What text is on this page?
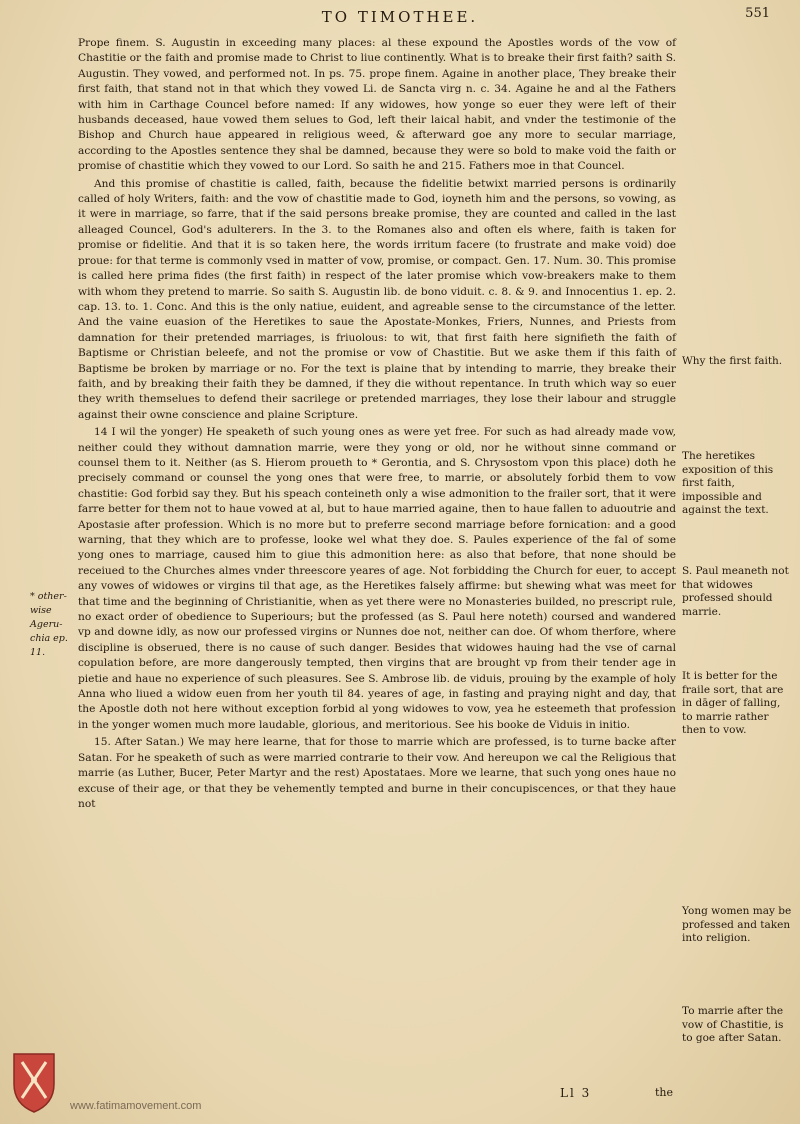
TO TIMOTHEE.	551

Prope finem. S. Augustin in exceeding many places: al these expound the Apostles words of the vow of Chastitie or the faith and promise made to Christ to liue continently. What is to breake their first faith? saith S. Augustin. They vowed, and performed not. In ps. 75. prope finem. Againe in another place, They breake their first faith, that stand not in that which they vowed Li. de Sancta virg n. c. 34. Againe he and al the Fathers with him in Carthage Councel before named: If any widowes, how yonge so euer they were left of their husbands deceased, haue vowed them selues to God, left their laical habit, and vnder the testimonie of the Bishop and Church haue appeared in religious weed, & afterward goe any more to secular marriage, according to the Apostles sentence they shal be damned, because they were so bold to make void the faith or promise of chastitie which they vowed to our Lord. So saith he and 215. Fathers moe in that Councel.

And this promise of chastitie is called, faith, because the fidelitie betwixt married persons is ordinarily called of holy Writers, faith: and the vow of chastitie made to God, ioyneth him and the persons, so vowing, as it were in marriage, so farre, that if the said persons breake promise, they are counted and called in the last alleaged Councel, God's adulterers. In the 3. to the Romanes also and often els where, faith is taken for promise or fidelitie. And that it is so taken here, the words irritum facere (to frustrate and make void) doe proue: for that terme is commonly vsed in matter of vow, promise, or compact. Gen. 17. Num. 30. This promise is called here prima fides (the first faith) in respect of the later promise which vow-breakers make to them with whom they pretend to marrie. So saith S. Augustin lib. de bono viduit. c. 8. & 9. and Innocentius 1. ep. 2. cap. 13. to. 1. Conc. And this is the only natiue, euident, and agreable sense to the circumstance of the letter. And the vaine euasion of the Heretikes to saue the Apostate-Monkes, Friers, Nunnes, and Priests from damnation for their pretended marriages, is friuolous: to wit, that first faith here signifieth the faith of Baptisme or Christian beleefe, and not the promise or vow of Chastitie. But we aske them if this faith of Baptisme be broken by marriage or no. For the text is plaine that by intending to marrie, they breake their faith, and by breaking their faith they be damned, if they die without repentance. In truth which way so euer they writh themselues to defend their sacrilege or pretended marriages, they lose their labour and struggle against their owne conscience and plaine Scripture.

14 I wil the yonger) He speaketh of such young ones as were yet free. For such as had already made vow, neither could they without damnation marrie, were they yong or old, nor he without sinne command or counsel them to it. Neither (as S. Hierom proueth to * Gerontia, and S. Chrysostom vpon this place) doth he precisely command or counsel the yong ones that were free, to marrie, or absolutely forbid them to vow chastitie: God forbid say they. But his speach conteineth only a wise admonition to the frailer sort, that it were farre better for them not to haue vowed at al, but to haue married againe, then to haue fallen to aduoutrie and Apostasie after profession. Which is no more but to preferre second marriage before fornication: and a good warning, that they which are to professe, looke wel what they doe. S. Paules experience of the fal of some yong ones to marriage, caused him to giue this admonition here: as also that before, that none should be receiued to the Churches almes vnder threescore yeares of age. Not forbidding the Church for euer, to accept any vowes of widowes or virgins til that age, as the Heretikes falsely affirme: but shewing what was meet for that time and the beginning of Christianitie, when as yet there were no Monasteries builded, no prescript rule, no exact order of obedience to Superiours; but the professed (as S. Paul here noteth) coursed and wandered vp and downe idly, as now our professed virgins or Nunnes doe not, neither can doe. Of whom therfore, where discipline is obserued, there is no cause of such danger. Besides that widowes hauing had the vse of carnal copulation before, are more dangerously tempted, then virgins that are brought vp from their tender age in pietie and haue no experience of such pleasures. See S. Ambrose lib. de viduis, prouing by the example of holy Anna who liued a widow euen from her youth til 84. yeares of age, in fasting and praying night and day, that the Apostle doth not here without exception forbid al yong widowes to vow, yea he esteemeth that profession in the yonger women much more laudable, glorious, and meritorious. See his booke de Viduis in initio.

15. After Satan.) We may here learne, that for those to marrie which are professed, is to turne backe after Satan. For he speaketh of such as were married contrarie to their vow. And hereupon we cal the Religious that marrie (as Luther, Bucer, Peter Martyr and the rest) Apostataes. More we learne, that such yong ones haue no excuse of their age, or that they be vehemently tempted and burne in their concupiscences, or that they haue not

* other-wise Ageru-chia ep. 11.
Why the first faith.
The heretikes exposition of this first faith, impossible and against the text.
S. Paul meaneth not that widowes professed should marrie.
It is better for the fraile sort, that are in dāger of falling, to marrie rather then to vow.
Yong women may be professed and taken into religion.
To marrie after the vow of Chastitie, is to goe after Satan.
Ll 3	the
www.fatimamovement.com
